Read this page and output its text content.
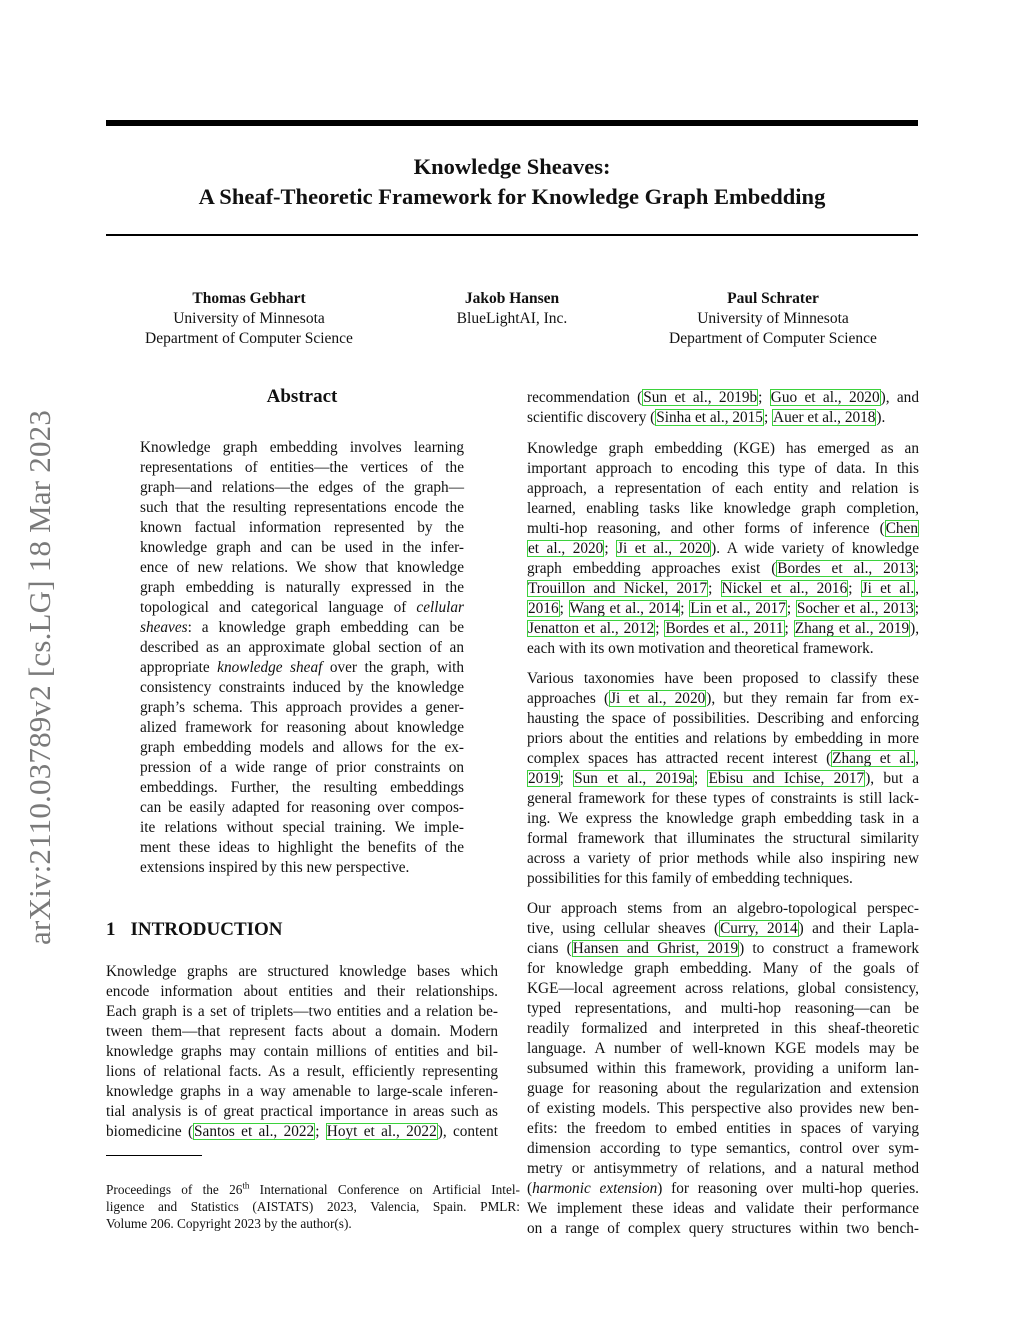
Knowledge Sheaves:
A Sheaf-Theoretic Framework for Knowledge Graph Embedding
arXiv:2110.03789v2 [cs.LG] 18 Mar 2023
Thomas Gebhart
University of Minnesota
Department of Computer Science
Jakob Hansen
BlueLightAI, Inc.
Paul Schrater
University of Minnesota
Department of Computer Science
Abstract
Knowledge graph embedding involves learning
representations of entities—the vertices of the
graph—and relations—the edges of the graph—
such that the resulting representations encode the
known factual information represented by the
knowledge graph and can be used in the infer-
ence of new relations. We show that knowledge
graph embedding is naturally expressed in the
topological and categorical language of cellular
sheaves: a knowledge graph embedding can be
described as an approximate global section of an
appropriate knowledge sheaf over the graph, with
consistency constraints induced by the knowledge
graph’s schema. This approach provides a gener-
alized framework for reasoning about knowledge
graph embedding models and allows for the ex-
pression of a wide range of prior constraints on
embeddings. Further, the resulting embeddings
can be easily adapted for reasoning over compos-
ite relations without special training. We imple-
ment these ideas to highlight the benefits of the
extensions inspired by this new perspective.
1 INTRODUCTION
Knowledge graphs are structured knowledge bases which
encode information about entities and their relationships.
Each graph is a set of triplets—two entities and a relation be-
tween them—that represent facts about a domain. Modern
knowledge graphs may contain millions of entities and bil-
lions of relational facts. As a result, efficiently representing
knowledge graphs in a way amenable to large-scale inferen-
tial analysis is of great practical importance in areas such as
biomedicine (Santos et al., 2022; Hoyt et al., 2022), content
Proceedings of the 26th International Conference on Artificial Intel-
ligence and Statistics (AISTATS) 2023, Valencia, Spain. PMLR:
Volume 206. Copyright 2023 by the author(s).
recommendation (Sun et al., 2019b; Guo et al., 2020), and
scientific discovery (Sinha et al., 2015; Auer et al., 2018).
Knowledge graph embedding (KGE) has emerged as an
important approach to encoding this type of data. In this
approach, a representation of each entity and relation is
learned, enabling tasks like knowledge graph completion,
multi-hop reasoning, and other forms of inference (Chen
et al., 2020; Ji et al., 2020). A wide variety of knowledge
graph embedding approaches exist (Bordes et al., 2013;
Trouillon and Nickel, 2017; Nickel et al., 2016; Ji et al.,
2016; Wang et al., 2014; Lin et al., 2017; Socher et al., 2013;
Jenatton et al., 2012; Bordes et al., 2011; Zhang et al., 2019),
each with its own motivation and theoretical framework.
Various taxonomies have been proposed to classify these
approaches (Ji et al., 2020), but they remain far from ex-
hausting the space of possibilities. Describing and enforcing
priors about the entities and relations by embedding in more
complex spaces has attracted recent interest (Zhang et al.,
2019; Sun et al., 2019a; Ebisu and Ichise, 2017), but a
general framework for these types of constraints is still lack-
ing. We express the knowledge graph embedding task in a
formal framework that illuminates the structural similarity
across a variety of prior methods while also inspiring new
possibilities for this family of embedding techniques.
Our approach stems from an algebro-topological perspec-
tive, using cellular sheaves (Curry, 2014) and their Lapla-
cians (Hansen and Ghrist, 2019) to construct a framework
for knowledge graph embedding. Many of the goals of
KGE—local agreement across relations, global consistency,
typed representations, and multi-hop reasoning—can be
readily formalized and interpreted in this sheaf-theoretic
language. A number of well-known KGE models may be
subsumed within this framework, providing a uniform lan-
guage for reasoning about the regularization and extension
of existing models. This perspective also provides new ben-
efits: the freedom to embed entities in spaces of varying
dimension according to type semantics, control over sym-
metry or antisymmetry of relations, and a natural method
(harmonic extension) for reasoning over multi-hop queries.
We implement these ideas and validate their performance
on a range of complex query structures within two bench-
